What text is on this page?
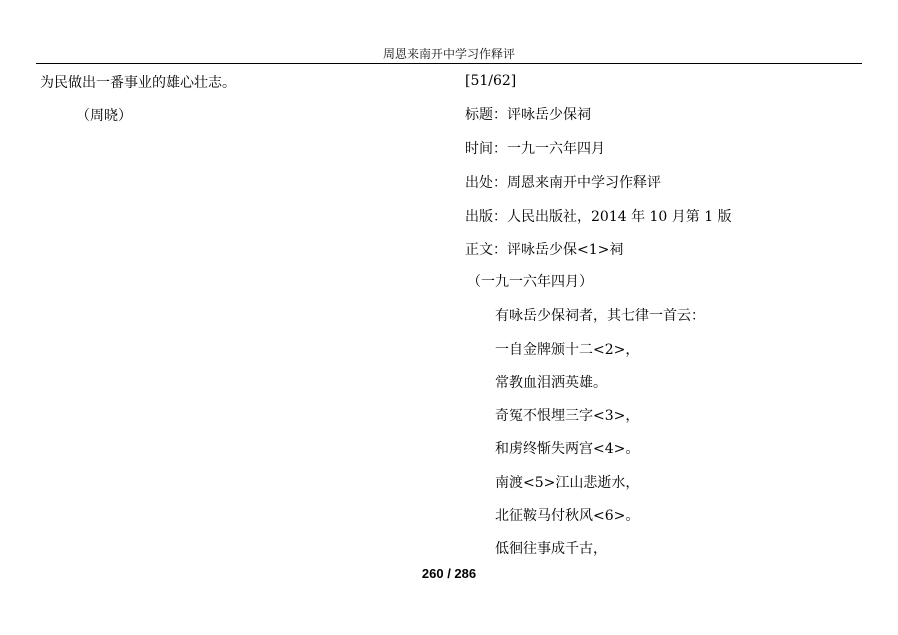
周恩来南开中学习作释评
为民做出一番事业的雄心壮志。
（周晓）
[51/62]
标题：评咏岳少保祠
时间：一九一六年四月
出处：周恩来南开中学习作释评
出版：人民出版社，2014 年 10 月第 1 版
正文：评咏岳少保<1>祠
（一九一六年四月）
有咏岳少保祠者，其七律一首云：
一自金牌颁十二<2>，
常教血泪洒英雄。
奇冤不恨埋三字<3>，
和虏终惭失两宫<4>。
南渡<5>江山悲逝水，
北征鞍马付秋风<6>。
低徊往事成千古，
260 / 286
